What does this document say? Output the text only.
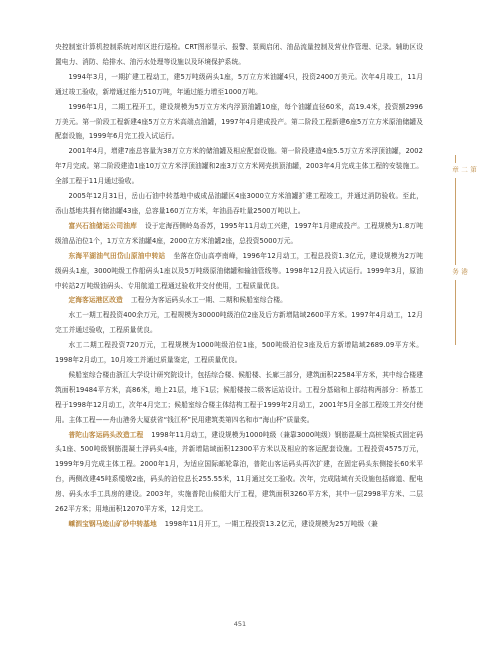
央控制室计算机控制系统对库区进行巡检。CRT图形显示、报警、泵阀启闭、油品流量控制及营业作管理、记录。辅助区设置电力、消防、给排水、油污水处理等设施以及环境保护系统。

1994年3月，一期扩建工程动工，建5万吨级码头1座，5万立方米油罐4只，投资2400万美元。次年4月竣工，11月通过竣工验收，新增通过能力510万吨，年通过能力增至1000万吨。

1996年1月，二期工程开工，建设规模为5万立方米内浮顶油罐10座，每个油罐直径60米，高19.4米，投资额2996万美元。第一阶段工程新建4座5万立方米高端点油罐，1997年4月建成投产。第二阶段工程新建6座5万立方米原油储罐及配套设施，1999年6月完工投入试运行。

2001年4月，增建7座总容量为38万立方米的储油罐及相应配套设施。第一阶段建造4座5.5万立方米浮顶油罐，2002年7月完成。第二阶段建造1座10万立方米浮顶油罐和2座3万立方米网壳拱顶油罐，2003年4月完成主体工程的安装施工。全部工程于11月通过验收。

2005年12月31日，岳山石油中转基地中威成品油罐区4座3000立方米油罐扩建工程竣工，并通过消防验收。至此，岙山基地共拥有储油罐43座，总容量160万立方米，年油品吞吐量2500万吨以上。

富兴石油储运公司油库 设于定海西侧岭岛岙苏，1995年11月动工兴建，1997年1月建成投产。工程规模为1.8万吨级油品泊位1个，1万立方米油罐4座，2000立方米油罐2座，总投资5000万元。

东海平湖油气田岱山原油中转站 坐落在岱山高亭南峰，1996年12月动工，工程总投资1.3亿元，建设规模为2万吨级码头1座，3000吨级工作船码头1座以及5万吨级原油储罐和输油管线等。1998年12月投入试运行。1999年3月，原油中转站2万吨级油码头、专用航道工程通过验收并交付使用，工程质量优良。

定海客运港区改造 工程分为客运码头水工一期、二期和候船室综合楼。

水工一期工程投资400余万元，工程规模为30000吨级泊位2座及后方新增陆域2600平方米。1997年4月动工，12月完工并通过验收，工程质量优良。

水工二期工程投资720万元，工程规模为1000吨级泊位1座，500吨级泊位3座及后方新增陆域2689.09平方米。1998年2月动工，10月竣工并通过质量鉴定，工程质量优良。

候船室综合楼由浙江大学设计研究院设计，包括综合楼、候船楼、长廊三部分，建筑面积22584平方米，其中综合楼建筑面积19484平方米，高86米，地上21层，地下1层；候船楼按二级客运站设计。工程分基础和上部结构两部分：桥基工程于1998年12月动工，次年4月完工；候船室综合楼主体结构工程于1999年2月动工，2001年5月全部工程竣工并交付使用。主体工程——舟山港务大厦获省“钱江杯”民用建筑类第四名和市“海山杯”质量奖。

普陀山客运码头改造工程 1998年11月动工，建设规模为1000吨级（兼靠3000吨级）钢筋混凝土高桩梁板式固定码头1座、500吨级钢筋混凝土浮码头4座，并新增陆域面积12300平方米以及相应的客运配套设施。工程投资4575万元，1999年9月完成主体工程。2000年1月，为适应国际邮轮靠泊，普陀山客运码头再次扩建，在固定码头东侧接长60米平台，两侧改建45吨系缆墩2座，码头的泊位总长255.55米，11月通过交工验收。次年，完成陆域有关设施包括廊道、配电房、码头水手工具房的建设。2003年，实施普陀山候船大厅工程，建筑面积3260平方米，其中一层2998平方米、二层262平方米；用地面积12070平方米，12月完工。

嵊泗宝钢马迹山矿砂中转基地 1998年11月开工，一期工程投资13.2亿元，建设规模为25万吨级（兼

第二章
港务
451
